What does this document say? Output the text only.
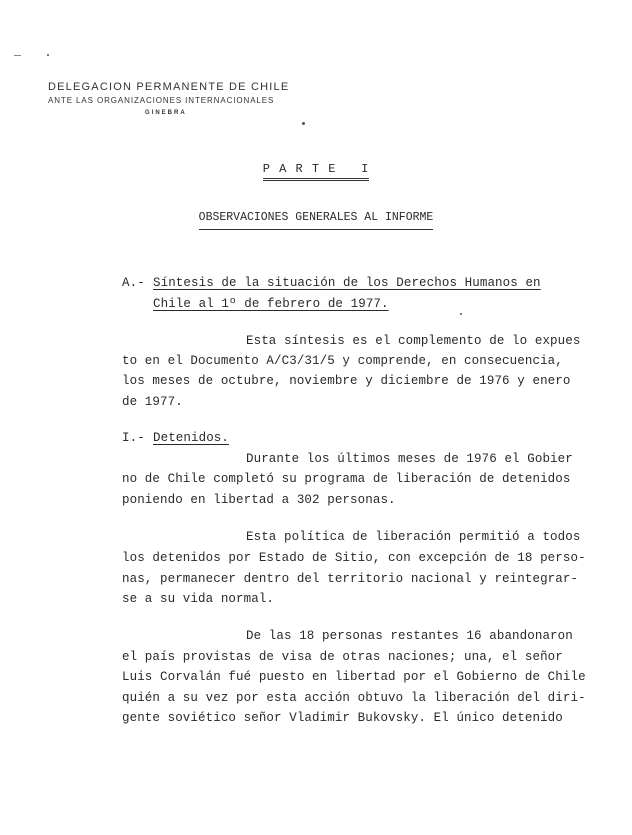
DELEGACION PERMANENTE DE CHILE
ANTE LAS ORGANIZACIONES INTERNACIONALES
GINEBRA
P A R T E   I
OBSERVACIONES GENERALES AL INFORME
A.- Síntesis de la situación de los Derechos Humanos en
Chile al 1º de febrero de 1977.
Esta síntesis es el complemento de lo expues
to en el Documento A/C3/31/5 y comprende, en consecuencia,
los meses de octubre, noviembre y diciembre de 1976 y enero
de 1977.
I.- Detenidos.
Durante los últimos meses de 1976 el Gobier
no de Chile completó su programa de liberación de detenidos
poniendo en libertad a 302 personas.
Esta política de liberación permitió a todos
los detenidos por Estado de Sitio, con excepción de 18 perso-
nas, permanecer dentro del territorio nacional y reintegrar-
se a su vida normal.
De las 18 personas restantes 16 abandonaron
el país provistas de visa de otras naciones; una, el señor
Luis Corvalán fué puesto en libertad por el Gobierno de Chile
quién a su vez por esta acción obtuvo la liberación del diri-
gente soviético señor Vladimir Bukovsky. El único detenido
